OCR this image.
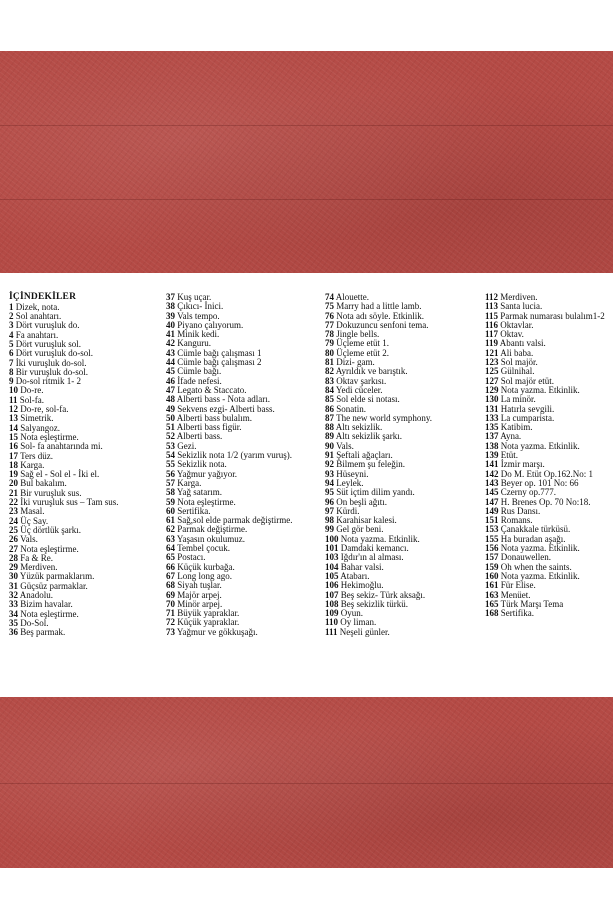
İÇİNDEKİLER
1 Dizek, nota.
2 Sol anahtarı.
3 Dört vuruşluk do.
4 Fa anahtarı.
5 Dört vuruşluk sol.
6 Dört vuruşluk do-sol.
7 İki vuruşluk do-sol.
8 Bir vuruşluk do-sol.
9 Do-sol ritmik 1- 2
10 Do-re.
11 Sol-fa.
12 Do-re, sol-fa.
13 Simetrik.
14 Salyangoz.
15 Nota eşleştirme.
16 Sol- fa anahtarında mi.
17 Ters düz.
18 Karga.
19 Sağ el - Sol el - İki el.
20 Bul bakalım.
21 Bir vuruşluk sus.
22 İki vuruşluk sus – Tam sus.
23 Masal.
24 Üç Say.
25 Üç dörtlük şarkı.
26 Vals.
27 Nota eşleştirme.
28 Fa & Re.
29 Merdiven.
30 Yüzük parmaklarım.
31 Güçsüz parmaklar.
32 Anadolu.
33 Bizim havalar.
34 Nota eşleştirme.
35 Do-Sol.
36 Beş parmak.
37 Kuş uçar.
38 Çıkıcı- İnici.
39 Vals tempo.
40 Piyano çalıyorum.
41 Minik kedi.
42 Kanguru.
43 Cümle bağı çalışması 1
44 Cümle bağı çalışması 2
45 Cümle bağı.
46 İfade nefesi.
47 Legato & Staccato.
48 Alberti bass - Nota adları.
49 Sekvens ezgi- Alberti bass.
50 Alberti bass bulalım.
51 Alberti bass figür.
52 Alberti bass.
53 Gezi.
54 Sekizlik nota 1/2 (yarım vuruş).
55 Sekizlik nota.
56 Yağmur yağıyor.
57 Karga.
58 Yağ satarım.
59 Nota eşleştirme.
60 Sertifika.
61 Sağ,sol elde parmak değiştirme.
62 Parmak değiştirme.
63 Yaşasın okulumuz.
64 Tembel çocuk.
65 Postacı.
66 Küçük kurbağa.
67 Long long ago.
68 Siyah tuşlar.
69 Majör arpej.
70 Minör arpej.
71 Büyük yapraklar.
72 Küçük yapraklar.
73 Yağmur ve gökkuşağı.
74 Alouette.
75 Marry had a little lamb.
76 Nota adı söyle. Etkinlik.
77 Dokuzuncu senfoni tema.
78 Jingle bells.
79 Üçleme etüt 1.
80 Üçleme etüt 2.
81 Dizi- gam.
82 Ayrıldık ve barıştık.
83 Oktav şarkısı.
84 Yedi cüceler.
85 Sol elde si notası.
86 Sonatin.
87 The new world symphony.
88 Altı sekizlik.
89 Altı sekizlik şarkı.
90 Vals.
91 Şeftali ağaçları.
92 Bilmem şu feleğin.
93 Hüseyni.
94 Leylek.
95 Süt içtim dilim yandı.
96 On beşli ağıtı.
97 Kürdi.
98 Karahisar kalesi.
99 Gel gör beni.
100 Nota yazma. Etkinlik.
101 Damdaki kemancı.
103 Iğdır'ın al alması.
104 Bahar valsi.
105 Atabarı.
106 Hekimoğlu.
107 Beş sekiz- Türk aksağı.
108 Beş sekizlik türkü.
109 Oyun.
110 Oy liman.
111 Neşeli günler.
112 Merdiven.
113 Santa lucia.
115 Parmak numarası bulalım1-2
116 Oktavlar.
117 Oktav.
119 Abantı valsi.
121 Ali baba.
123 Sol majör.
125 Gülnihal.
127 Sol majör etüt.
129 Nota yazma. Etkinlik.
130 La minör.
131 Hatırla sevgili.
133 La cumparista.
135 Katibim.
137 Ayna.
138 Nota yazma. Etkinlik.
139 Etüt.
141 İzmir marşı.
142 Do M. Etüt Op.162.No: 1
143 Beyer op. 101 No: 66
145 Czerny op.777.
147 H. Brenes Op. 70 No:18.
149 Rus Dansı.
151 Romans.
153 Çanakkale türküsü.
155 Ha buradan aşağı.
156 Nota yazma. Etkinlik.
157 Donauwellen.
159 Oh when the saints.
160 Nota yazma. Etkinlik.
161 Für Elise.
163 Menüet.
165 Türk Marşı Tema
168 Sertifika.
